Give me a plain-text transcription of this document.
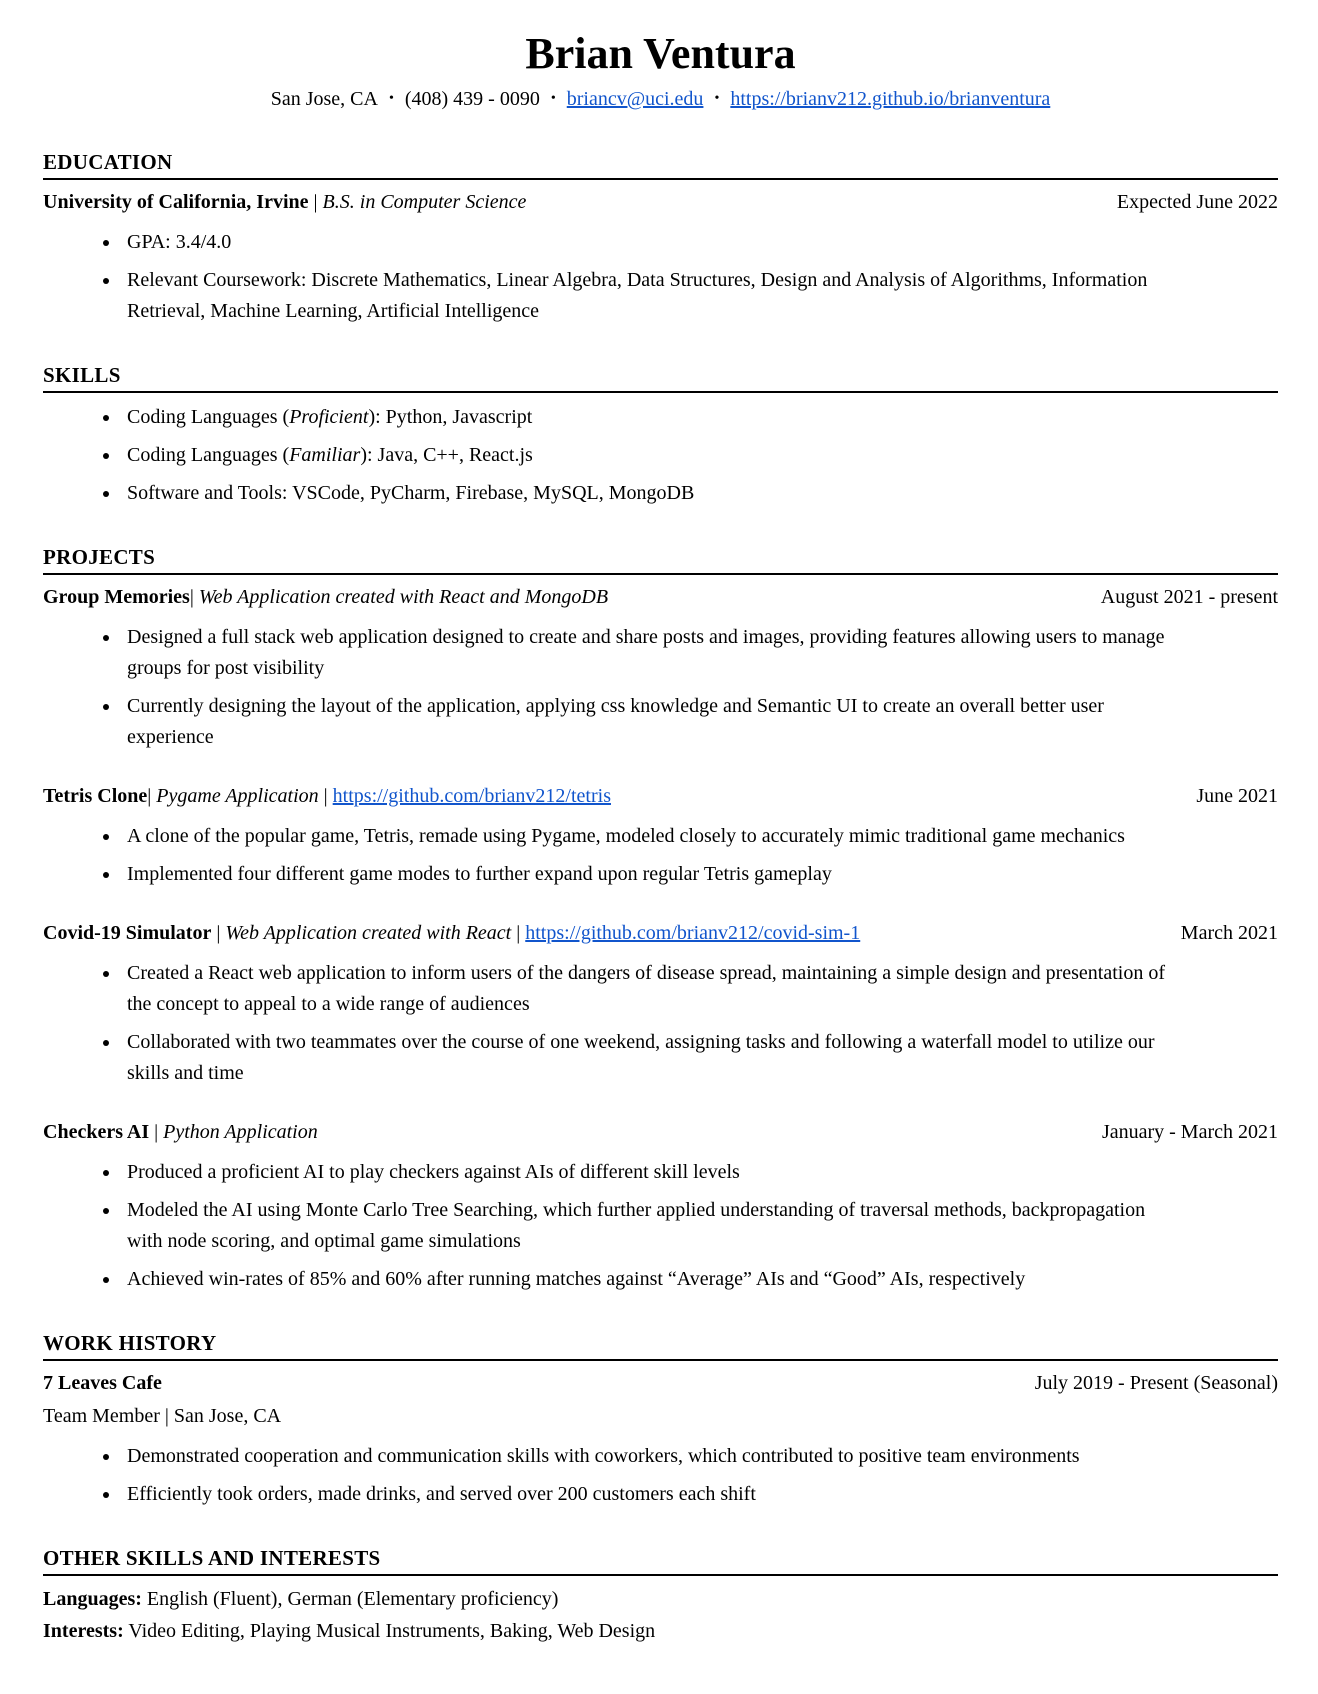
Brian Ventura
San Jose, CA • (408) 439 - 0090 • briancv@uci.edu • https://brianv212.github.io/brianventura
EDUCATION
University of California, Irvine | B.S. in Computer Science	Expected June 2022
• GPA: 3.4/4.0
• Relevant Coursework: Discrete Mathematics, Linear Algebra, Data Structures, Design and Analysis of Algorithms, Information Retrieval, Machine Learning, Artificial Intelligence
SKILLS
• Coding Languages (Proficient): Python, Javascript
• Coding Languages (Familiar): Java, C++, React.js
• Software and Tools: VSCode, PyCharm, Firebase, MySQL, MongoDB
PROJECTS
Group Memories| Web Application created with React and MongoDB	August 2021 - present
• Designed a full stack web application designed to create and share posts and images, providing features allowing users to manage groups for post visibility
• Currently designing the layout of the application, applying css knowledge and Semantic UI to create an overall better user experience
Tetris Clone| Pygame Application | https://github.com/brianv212/tetris	June 2021
• A clone of the popular game, Tetris, remade using Pygame, modeled closely to accurately mimic traditional game mechanics
• Implemented four different game modes to further expand upon regular Tetris gameplay
Covid-19 Simulator | Web Application created with React | https://github.com/brianv212/covid-sim-1	March 2021
• Created a React web application to inform users of the dangers of disease spread, maintaining a simple design and presentation of the concept to appeal to a wide range of audiences
• Collaborated with two teammates over the course of one weekend, assigning tasks and following a waterfall model to utilize our skills and time
Checkers AI | Python Application	January - March 2021
• Produced a proficient AI to play checkers against AIs of different skill levels
• Modeled the AI using Monte Carlo Tree Searching, which further applied understanding of traversal methods, backpropagation with node scoring, and optimal game simulations
• Achieved win-rates of 85% and 60% after running matches against “Average” AIs and “Good” AIs, respectively
WORK HISTORY
7 Leaves Cafe	July 2019 - Present (Seasonal)
Team Member | San Jose, CA
• Demonstrated cooperation and communication skills with coworkers, which contributed to positive team environments
• Efficiently took orders, made drinks, and served over 200 customers each shift
OTHER SKILLS AND INTERESTS
Languages: English (Fluent), German (Elementary proficiency)
Interests: Video Editing, Playing Musical Instruments, Baking, Web Design
